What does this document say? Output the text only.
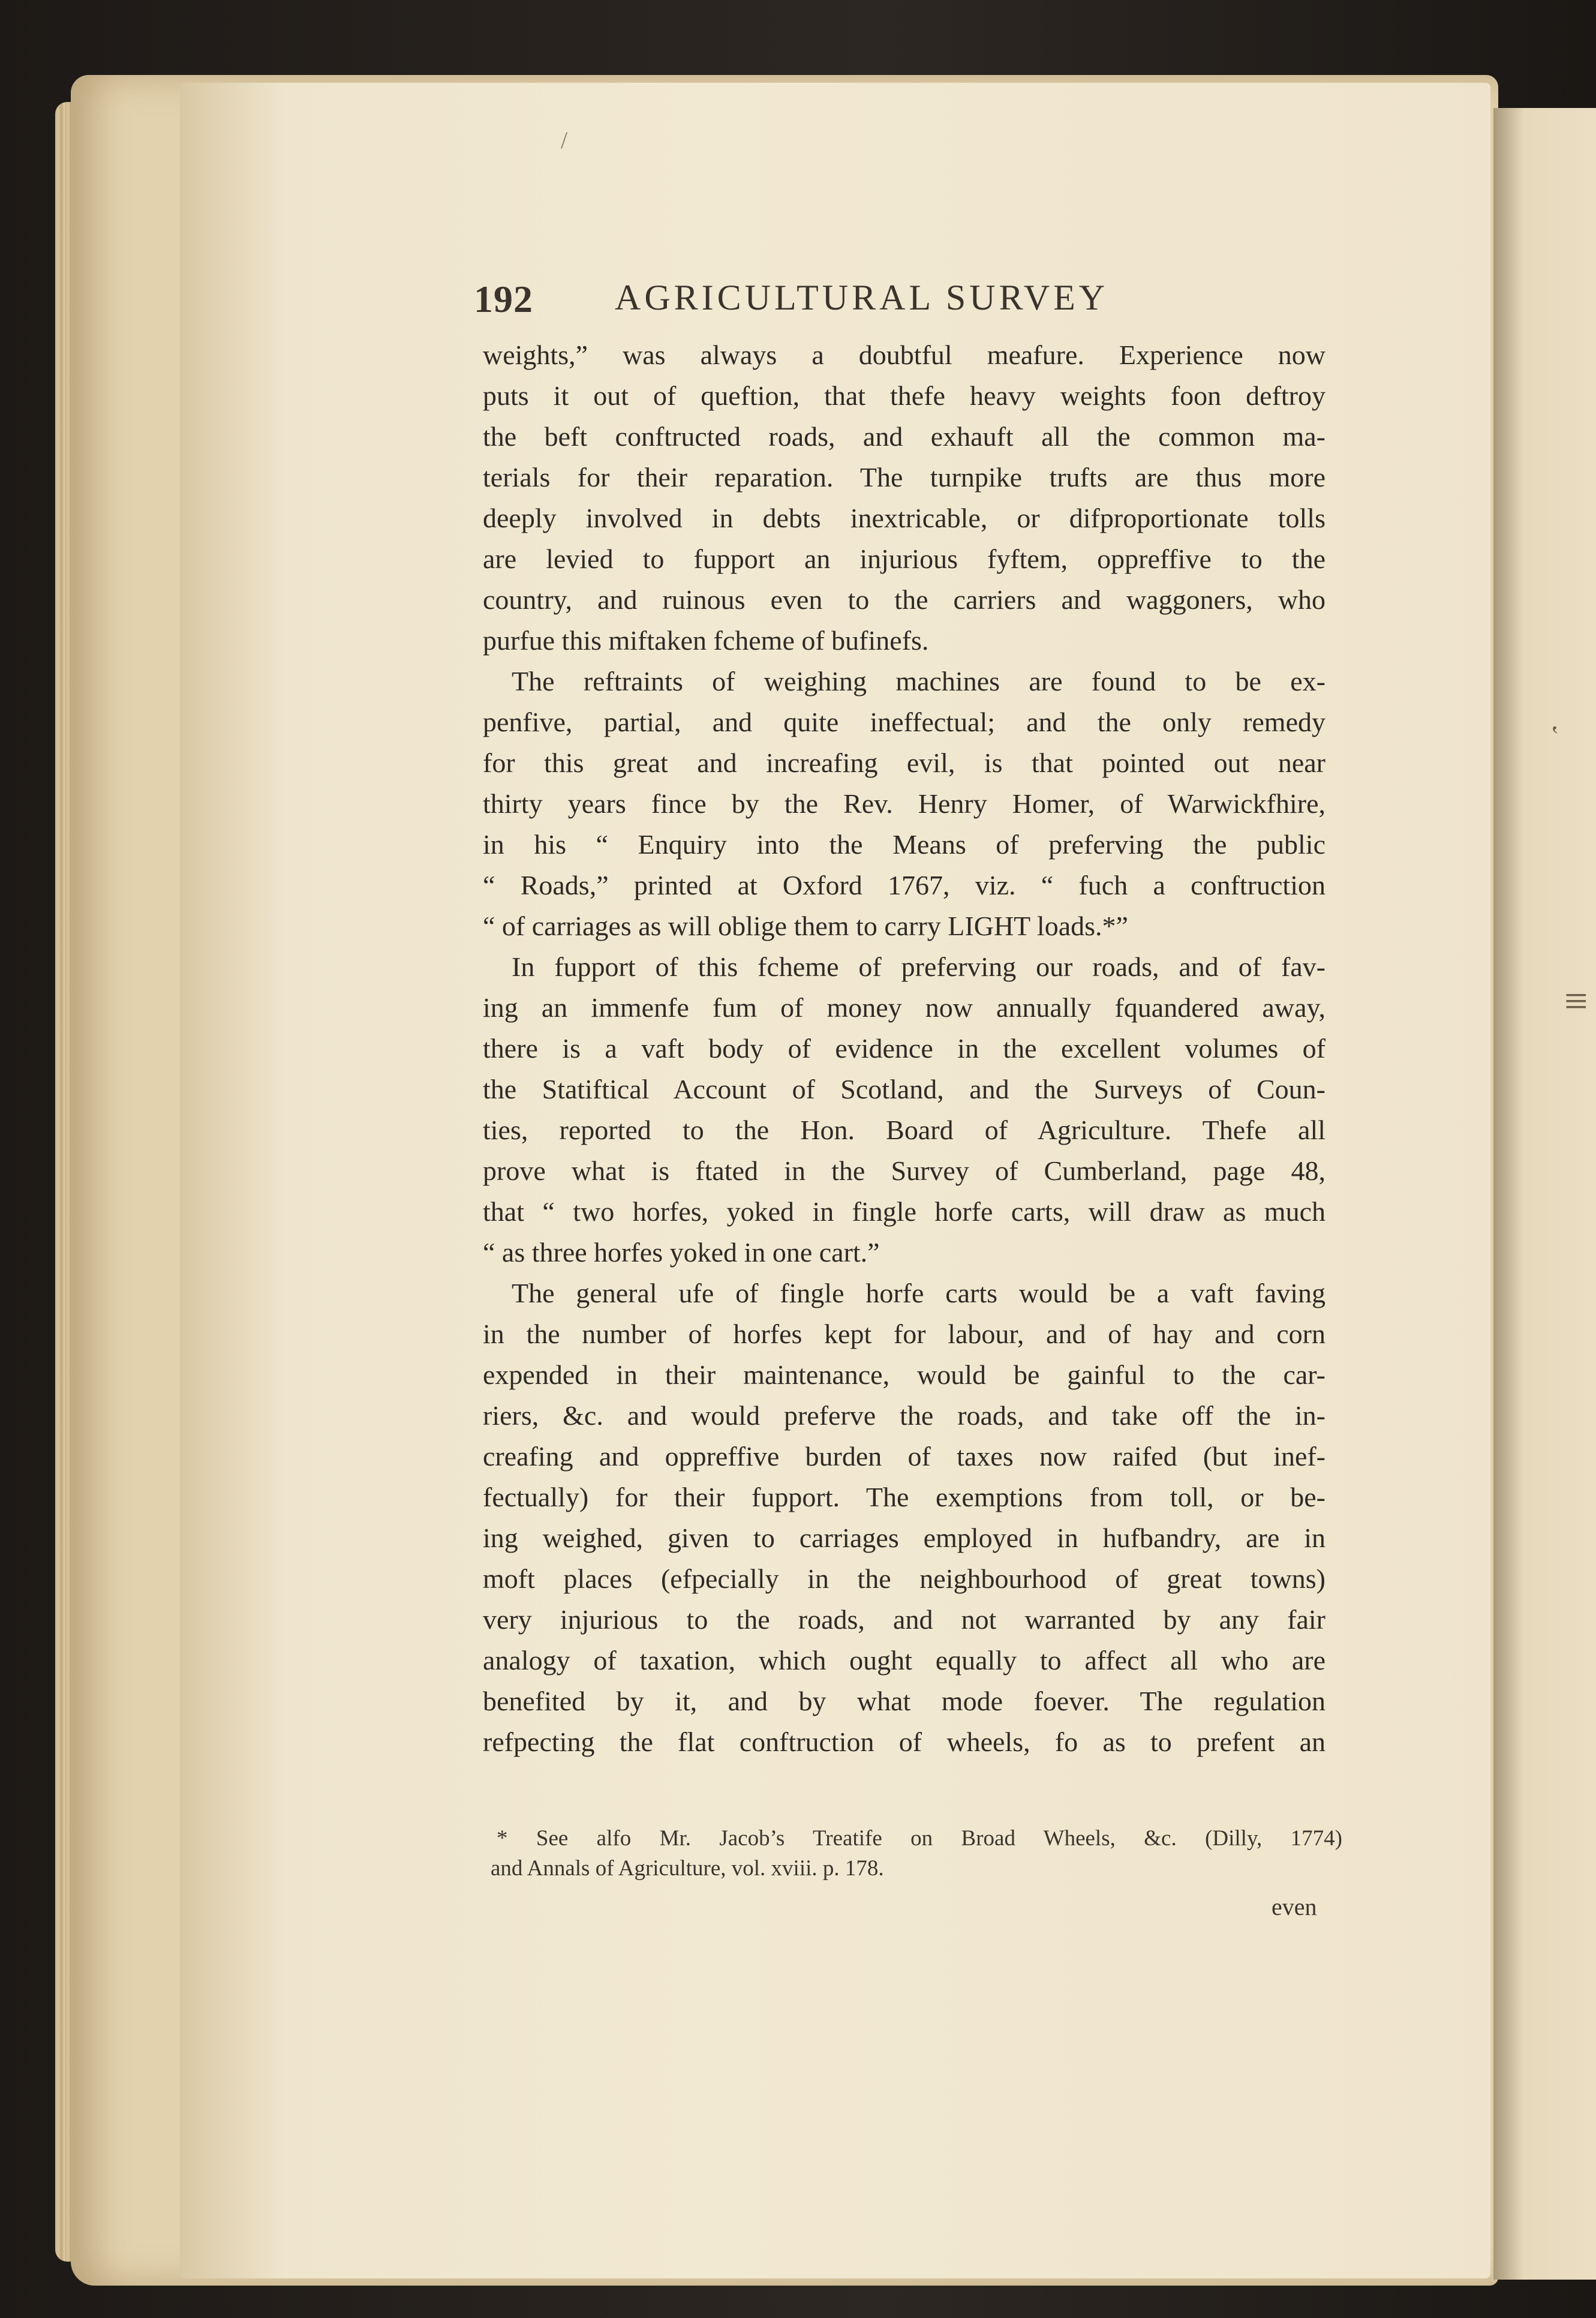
‛
≡
/
192 AGRICULTURAL SURVEY
weights,” was always a doubtful meafure. Experience now
puts it out of queftion, that thefe heavy weights foon deftroy
the beft conftructed roads, and exhauft all the common ma-
terials for their reparation. The turnpike trufts are thus more
deeply involved in debts inextricable, or difproportionate tolls
are levied to fupport an injurious fyftem, oppreffive to the
country, and ruinous even to the carriers and waggoners, who
purfue this miftaken fcheme of bufinefs.
The reftraints of weighing machines are found to be ex-
penfive, partial, and quite ineffectual; and the only remedy
for this great and increafing evil, is that pointed out near
thirty years fince by the Rev. Henry Homer, of Warwickfhire,
in his “ Enquiry into the Means of preferving the public
“ Roads,” printed at Oxford 1767, viz. “ fuch a conftruction
“ of carriages as will oblige them to carry LIGHT loads.*”
In fupport of this fcheme of preferving our roads, and of fav-
ing an immenfe fum of money now annually fquandered away,
there is a vaft body of evidence in the excellent volumes of
the Statiftical Account of Scotland, and the Surveys of Coun-
ties, reported to the Hon. Board of Agriculture. Thefe all
prove what is ftated in the Survey of Cumberland, page 48,
that “ two horfes, yoked in fingle horfe carts, will draw as much
“ as three horfes yoked in one cart.”
The general ufe of fingle horfe carts would be a vaft faving
in the number of horfes kept for labour, and of hay and corn
expended in their maintenance, would be gainful to the car-
riers, &c. and would preferve the roads, and take off the in-
creafing and oppreffive burden of taxes now raifed (but inef-
fectually) for their fupport. The exemptions from toll, or be-
ing weighed, given to carriages employed in hufbandry, are in
moft places (efpecially in the neighbourhood of great towns)
very injurious to the roads, and not warranted by any fair
analogy of taxation, which ought equally to affect all who are
benefited by it, and by what mode foever. The regulation
refpecting the flat conftruction of wheels, fo as to prefent an
* See alfo Mr. Jacob’s Treatife on Broad Wheels, &c. (Dilly, 1774)
and Annals of Agriculture, vol. xviii. p. 178.
even
